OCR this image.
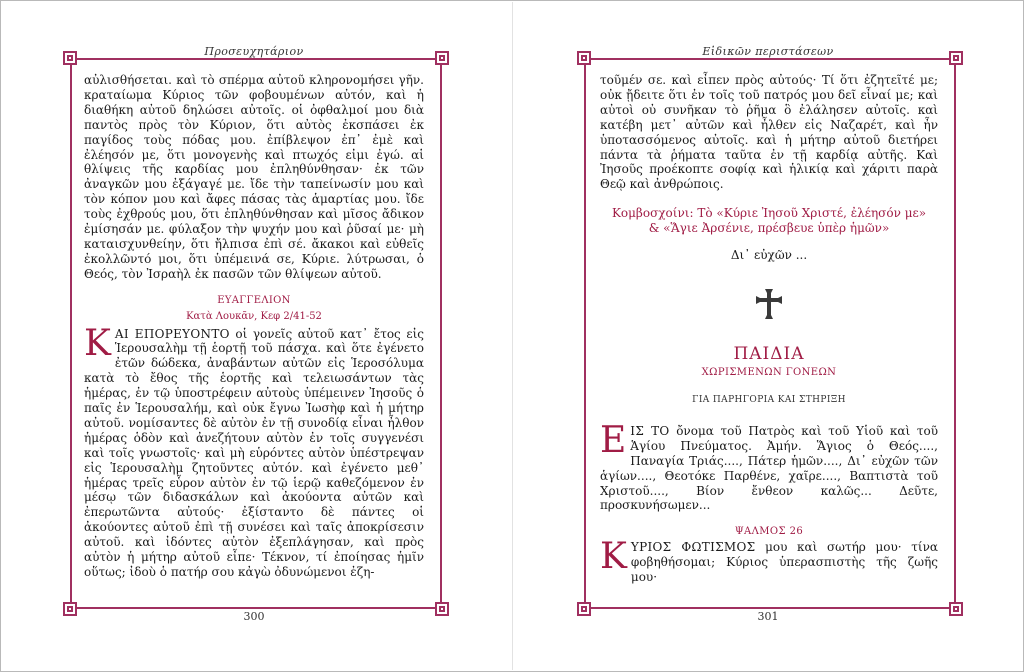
Προσευχητάριον

αὐλισθήσεται. καὶ τὸ σπέρμα αὐτοῦ κληρονομήσει γῆν. κραταίωμα Κύριος τῶν φοβουμένων αὐτόν, καὶ ἡ διαθήκη αὐτοῦ δηλώσει αὐτοῖς. οἱ ὀφθαλμοί μου διὰ παντὸς πρὸς τὸν Κύριον, ὅτι αὐτὸς ἐκσπάσει ἐκ παγίδος τοὺς πόδας μου. ἐπίβλεψον ἐπ᾽ ἐμὲ καὶ ἐλέησόν με, ὅτι μονογενὴς καὶ πτωχός εἰμι ἐγώ. αἱ θλίψεις τῆς καρδίας μου ἐπληθύνθησαν· ἐκ τῶν ἀναγκῶν μου ἐξάγαγέ με. ἴδε τὴν ταπείνωσίν μου καὶ τὸν κόπον μου καὶ ἄφες πάσας τὰς ἁμαρτίας μου. ἴδε τοὺς ἐχθρούς μου, ὅτι ἐπληθύνθησαν καὶ μῖσος ἄδικον ἐμίσησάν με. φύλαξον τὴν ψυχήν μου καὶ ῥῦσαί με· μὴ καταισχυνθείην, ὅτι ἤλπισα ἐπὶ σέ. ἄκακοι καὶ εὐθεῖς ἐκολλῶντό μοι, ὅτι ὑπέμεινά σε, Κύριε. λύτρωσαι, ὁ Θεός, τὸν Ἰσραὴλ ἐκ πασῶν τῶν θλίψεων αὐτοῦ.

ΕΥΑΓΓΕΛΙΟΝ
Κατὰ Λουκᾶν, Κεφ 2/41-52

ΚΑΙ ΕΠΟΡΕΥΟΝΤΟ οἱ γονεῖς αὐτοῦ κατ᾽ ἔτος εἰς Ἱερουσαλὴμ τῇ ἑορτῇ τοῦ πάσχα. καὶ ὅτε ἐγένετο ἐτῶν δώδεκα, ἀναβάντων αὐτῶν εἰς Ἱεροσόλυμα κατὰ τὸ ἔθος τῆς ἑορτῆς καὶ τελειωσάντων τὰς ἡμέρας, ἐν τῷ ὑποστρέφειν αὐτοὺς ὑπέμεινεν Ἰησοῦς ὁ παῖς ἐν Ἱερουσαλήμ, καὶ οὐκ ἔγνω Ἰωσὴφ καὶ ἡ μήτηρ αὐτοῦ. νομίσαντες δὲ αὐτὸν ἐν τῇ συνοδίᾳ εἶναι ἦλθον ἡμέρας ὁδὸν καὶ ἀνεζήτουν αὐτὸν ἐν τοῖς συγγενέσι καὶ τοῖς γνωστοῖς· καὶ μὴ εὑρόντες αὐτὸν ὑπέστρεψαν εἰς Ἱερουσαλὴμ ζητοῦντες αὐτόν. καὶ ἐγένετο μεθ᾽ ἡμέρας τρεῖς εὗρον αὐτὸν ἐν τῷ ἱερῷ καθεζόμενον ἐν μέσῳ τῶν διδασκάλων καὶ ἀκούοντα αὐτῶν καὶ ἐπερωτῶντα αὐτούς· ἐξίσταντο δὲ πάντες οἱ ἀκούοντες αὐτοῦ ἐπὶ τῇ συνέσει καὶ ταῖς ἀποκρίσεσιν αὐτοῦ. καὶ ἰδόντες αὐτὸν ἐξεπλάγησαν, καὶ πρὸς αὐτὸν ἡ μήτηρ αὐτοῦ εἶπε· Τέκνον, τί ἐποίησας ἡμῖν οὕτως; ἰδοὺ ὁ πατήρ σου κἀγὼ ὀδυνώμενοι ἐζη-

300
Εἰδικῶν περιστάσεων

τοῦμέν σε. καὶ εἶπεν πρὸς αὐτούς· Τί ὅτι ἐζητεῖτέ με; οὐκ ᾔδειτε ὅτι ἐν τοῖς τοῦ πατρός μου δεῖ εἶναί με; καὶ αὐτοὶ οὐ συνῆκαν τὸ ῥῆμα ὃ ἐλάλησεν αὐτοῖς. καὶ κατέβη μετ᾽ αὐτῶν καὶ ἦλθεν εἰς Ναζαρέτ, καὶ ἦν ὑποτασσόμενος αὐτοῖς. καὶ ἡ μήτηρ αὐτοῦ διετήρει πάντα τὰ ῥήματα ταῦτα ἐν τῇ καρδίᾳ αὐτῆς. Καὶ Ἰησοῦς προέκοπτε σοφίᾳ καὶ ἡλικίᾳ καὶ χάριτι παρὰ Θεῷ καὶ ἀνθρώποις.

Κομβοσχοίνι: Τὸ «Κύριε Ἰησοῦ Χριστέ, ἐλέησόν με»
& «Ἅγιε Ἀρσένιε, πρέσβευε ὑπὲρ ἡμῶν»
Δι᾽ εὐχῶν ...
ΠΑΙΔΙΑ
ΧΩΡΙΣΜΕΝΩΝ ΓΟΝΕΩΝ
ΓΙΑ ΠΑΡΗΓΟΡΙΑ ΚΑΙ ΣΤΗΡΙΞΗ

ΕΙΣ ΤΟ ὄνομα τοῦ Πατρὸς καὶ τοῦ Υἱοῦ καὶ τοῦ Ἁγίου Πνεύματος. Ἀμήν. Ἅγιος ὁ Θεός...., Παναγία Τριάς...., Πάτερ ἡμῶν...., Δι᾽ εὐχῶν τῶν ἁγίων...., Θεοτόκε Παρθένε, χαῖρε...., Βαπτιστὰ τοῦ Χριστοῦ...., Βίον ἔνθεον καλῶς... Δεῦτε, προσκυνήσωμεν...

ΨΑΛΜΟΣ 26

ΚΥΡΙΟΣ ΦΩΤΙΣΜΟΣ μου καὶ σωτήρ μου· τίνα φοβηθήσομαι; Κύριος ὑπερασπιστὴς τῆς ζωῆς μου·

301
